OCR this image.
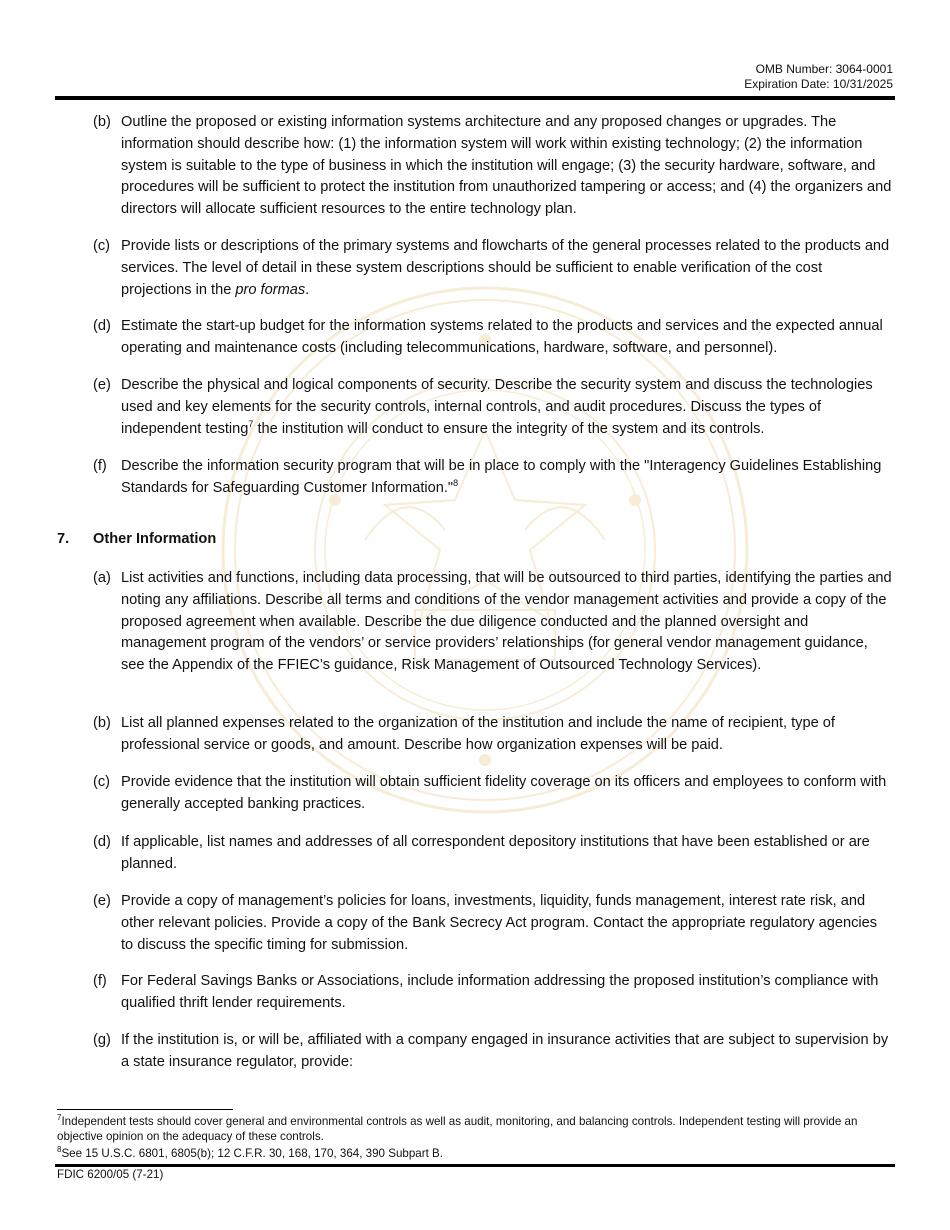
OMB Number: 3064-0001
Expiration Date: 10/31/2025
(b) Outline the proposed or existing information systems architecture and any proposed changes or upgrades. The information should describe how: (1) the information system will work within existing technology; (2) the information system is suitable to the type of business in which the institution will engage; (3) the security hardware, software, and procedures will be sufficient to protect the institution from unauthorized tampering or access; and (4) the organizers and directors will allocate sufficient resources to the entire technology plan.
(c) Provide lists or descriptions of the primary systems and flowcharts of the general processes related to the products and services. The level of detail in these system descriptions should be sufficient to enable verification of the cost projections in the pro formas.
(d) Estimate the start-up budget for the information systems related to the products and services and the expected annual operating and maintenance costs (including telecommunications, hardware, software, and personnel).
(e) Describe the physical and logical components of security. Describe the security system and discuss the technologies used and key elements for the security controls, internal controls, and audit procedures. Discuss the types of independent testing$^7$ the institution will conduct to ensure the integrity of the system and its controls.
(f) Describe the information security program that will be in place to comply with the "Interagency Guidelines Establishing Standards for Safeguarding Customer Information."$^8$
7. Other Information
(a) List activities and functions, including data processing, that will be outsourced to third parties, identifying the parties and noting any affiliations. Describe all terms and conditions of the vendor management activities and provide a copy of the proposed agreement when available. Describe the due diligence conducted and the planned oversight and management program of the vendors’ or service providers’ relationships (for general vendor management guidance, see the Appendix of the FFIEC’s guidance, Risk Management of Outsourced Technology Services).
(b) List all planned expenses related to the organization of the institution and include the name of recipient, type of professional service or goods, and amount. Describe how organization expenses will be paid.
(c) Provide evidence that the institution will obtain sufficient fidelity coverage on its officers and employees to conform with generally accepted banking practices.
(d) If applicable, list names and addresses of all correspondent depository institutions that have been established or are planned.
(e) Provide a copy of management’s policies for loans, investments, liquidity, funds management, interest rate risk, and other relevant policies. Provide a copy of the Bank Secrecy Act program. Contact the appropriate regulatory agencies to discuss the specific timing for submission.
(f) For Federal Savings Banks or Associations, include information addressing the proposed institution’s compliance with qualified thrift lender requirements.
(g) If the institution is, or will be, affiliated with a company engaged in insurance activities that are subject to supervision by a state insurance regulator, provide:
$^7$Independent tests should cover general and environmental controls as well as audit, monitoring, and balancing controls. Independent testing will provide an objective opinion on the adequacy of these controls.
$^8$See 15 U.S.C. 6801, 6805(b); 12 C.F.R. 30, 168, 170, 364, 390 Subpart B.
FDIC 6200/05 (7-21)
